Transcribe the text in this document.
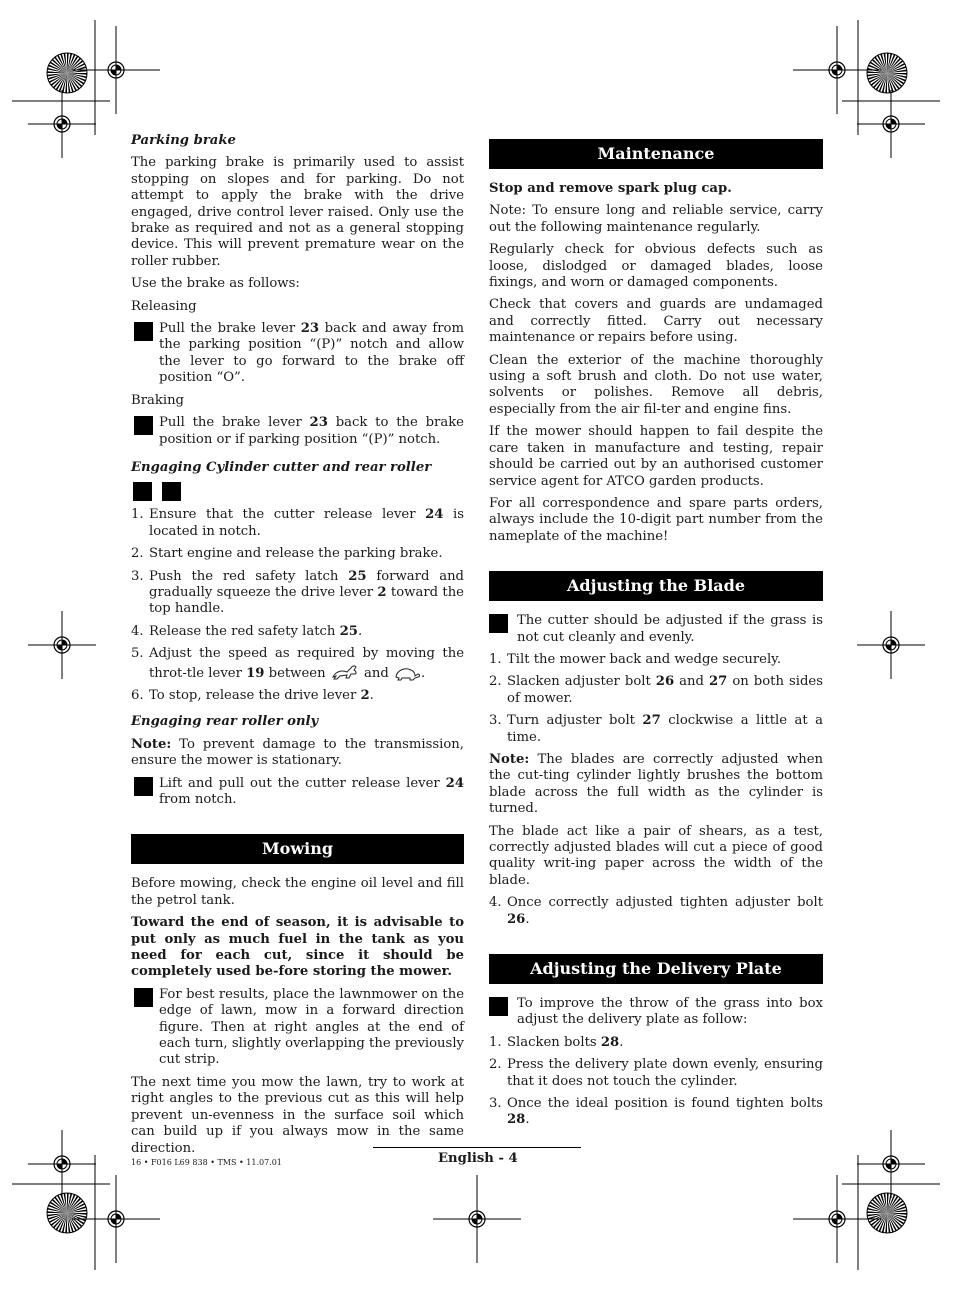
Parking brake

The parking brake is primarily used to assist stopping on slopes and for parking. Do not attempt to apply the brake with the drive engaged, drive control lever raised. Only use the brake as required and not as a general stopping device. This will prevent premature wear on the roller rubber.

Use the brake as follows:

Releasing

Pull the brake lever 23 back and away from the parking position “(P)” notch and allow the lever to go forward to the brake off position “O”.

Braking

Pull the brake lever 23 back to the brake position or if parking position “(P)” notch.
Engaging Cylinder cutter and rear roller

1. Ensure that the cutter release lever 24 is located in notch.
2. Start engine and release the parking brake.
3. Push the red safety latch 25 forward and gradually squeeze the drive lever 2 toward the top handle.
4. Release the red safety latch 25.
5. Adjust the speed as required by moving the throt-tle lever 19 between  and .
6. To stop, release the drive lever 2.
Engaging rear roller only

Note: To prevent damage to the transmission, ensure the mower is stationary.

Lift and pull out the cutter release lever 24 from notch.
Mowing

Before mowing, check the engine oil level and fill the petrol tank.

Toward the end of season, it is advisable to put only as much fuel in the tank as you need for each cut, since it should be completely used be-fore storing the mower.

For best results, place the lawnmower on the edge of lawn, mow in a forward direction figure. Then at right angles at the end of each turn, slightly overlapping the previously cut strip.

The next time you mow the lawn, try to work at right angles to the previous cut as this will help prevent un-evenness in the surface soil which can build up if you always mow in the same direction.

Maintenance

Stop and remove spark plug cap.

Note: To ensure long and reliable service, carry out the following maintenance regularly.

Regularly check for obvious defects such as loose, dislodged or damaged blades, loose fixings, and worn or damaged components.

Check that covers and guards are undamaged and correctly fitted. Carry out necessary maintenance or repairs before using.

Clean the exterior of the machine thoroughly using a soft brush and cloth. Do not use water, solvents or polishes. Remove all debris, especially from the air fil-ter and engine fins.

If the mower should happen to fail despite the care taken in manufacture and testing, repair should be carried out by an authorised customer service agent for ATCO garden products.

For all correspondence and spare parts orders, always include the 10-digit part number from the nameplate of the machine!

Adjusting the Blade
The cutter should be adjusted if the grass is not cut cleanly and evenly.
1. Tilt the mower back and wedge securely.
2. Slacken adjuster bolt 26 and 27 on both sides of mower.
3. Turn adjuster bolt 27 clockwise a little at a time.

Note: The blades are correctly adjusted when the cut-ting cylinder lightly brushes the bottom blade across the full width as the cylinder is turned.

The blade act like a pair of shears, as a test, correctly adjusted blades will cut a piece of good quality writ-ing paper across the width of the blade.

4. Once correctly adjusted tighten adjuster bolt 26.
Adjusting the Delivery Plate
To improve the throw of the grass into box adjust the delivery plate as follow:
1. Slacken bolts 28.
2. Press the delivery plate down evenly, ensuring that it does not touch the cylinder.
3. Once the ideal position is found tighten bolts 28.
16 • F016 L69 838 • TMS • 11.07.01	English - 4
